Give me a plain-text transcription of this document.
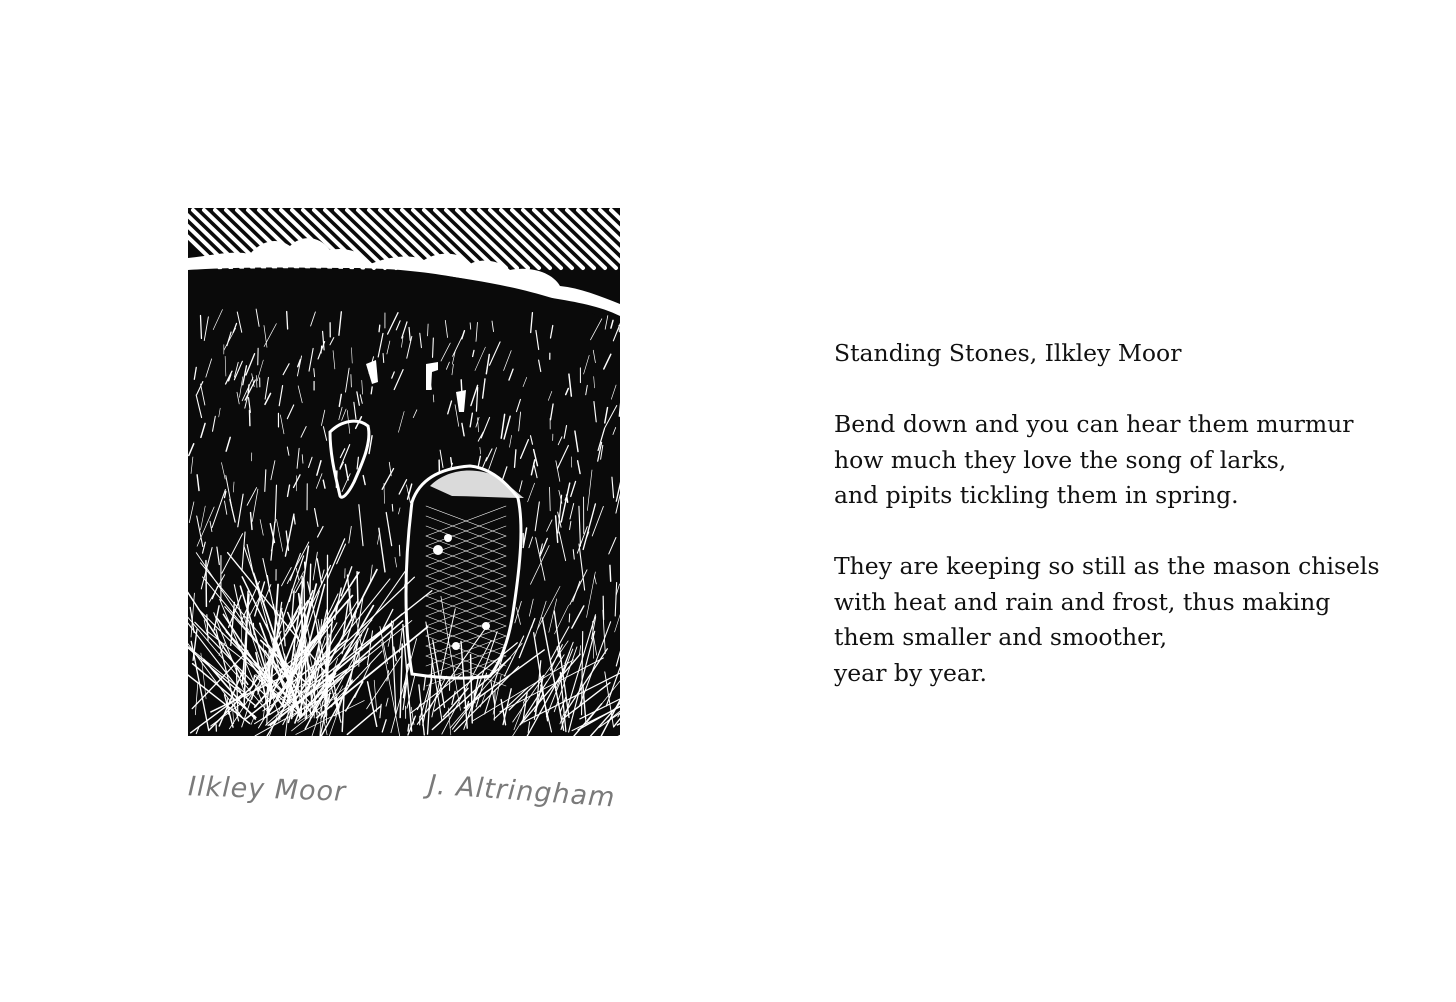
Ilkley Moor	J. Altringham
Standing Stones, Ilkley Moor
Bend down and you can hear them murmur
how much they love the song of larks,
and pipits tickling them in spring.
They are keeping so still as the mason chisels
with heat and rain and frost, thus making
them smaller and smoother,
year by year.
